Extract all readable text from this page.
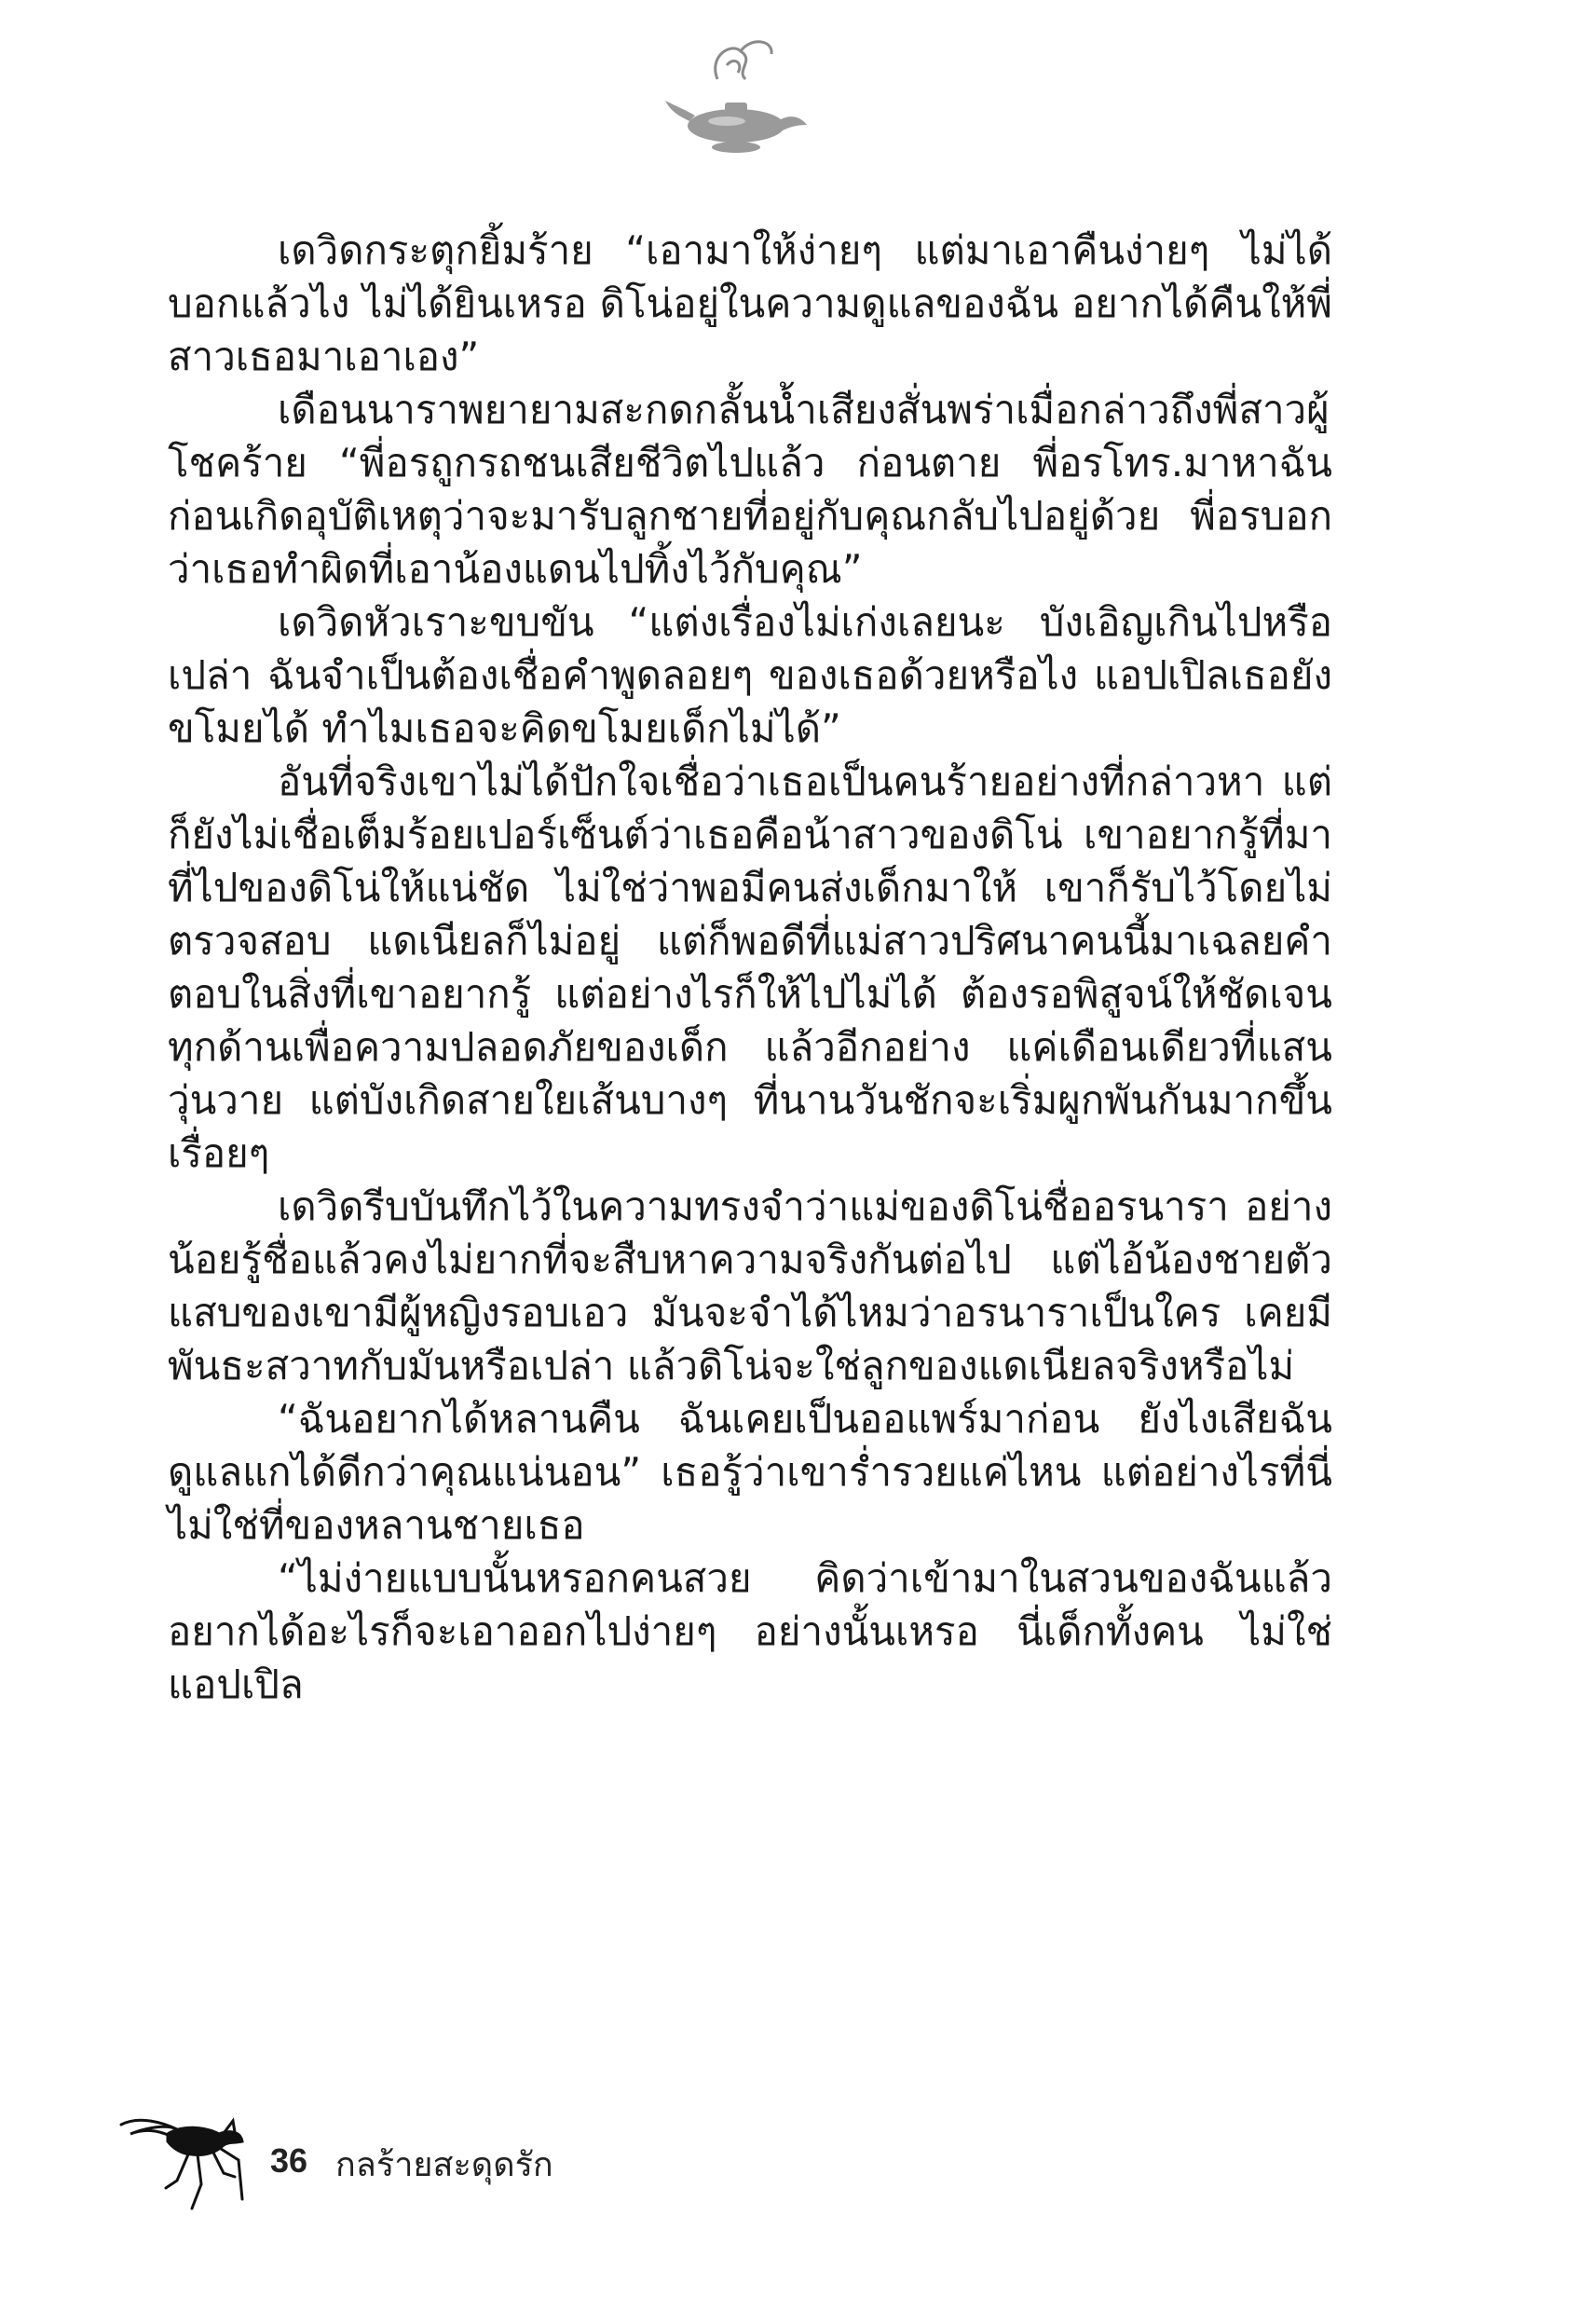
เดวิดกระตุกยิ้มร้าย “เอามาให้ง่ายๆ แต่มาเอาคืนง่ายๆ ไม่ได้ บอกแล้วไง ไม่ได้ยินเหรอ ดิโน่อยู่ในความดูแลของฉัน อยากได้คืนให้พี่สาวเธอมาเอาเอง”

เดือนนาราพยายามสะกดกลั้นน้ำเสียงสั่นพร่าเมื่อกล่าวถึงพี่สาวผู้โชคร้าย “พี่อรถูกรถชนเสียชีวิตไปแล้ว ก่อนตาย พี่อรโทร.มาหาฉันก่อนเกิดอุบัติเหตุว่าจะมารับลูกชายที่อยู่กับคุณกลับไปอยู่ด้วย พี่อรบอกว่าเธอทำผิดที่เอาน้องแดนไปทิ้งไว้กับคุณ”

เดวิดหัวเราะขบขัน “แต่งเรื่องไม่เก่งเลยนะ บังเอิญเกินไปหรือเปล่า ฉันจำเป็นต้องเชื่อคำพูดลอยๆ ของเธอด้วยหรือไง แอปเปิลเธอยังขโมยได้ ทำไมเธอจะคิดขโมยเด็กไม่ได้”

อันที่จริงเขาไม่ได้ปักใจเชื่อว่าเธอเป็นคนร้ายอย่างที่กล่าวหา แต่ก็ยังไม่เชื่อเต็มร้อยเปอร์เซ็นต์ว่าเธอคือน้าสาวของดิโน่ เขาอยากรู้ที่มาที่ไปของดิโน่ให้แน่ชัด ไม่ใช่ว่าพอมีคนส่งเด็กมาให้ เขาก็รับไว้โดยไม่ตรวจสอบ แดเนียลก็ไม่อยู่ แต่ก็พอดีที่แม่สาวปริศนาคนนี้มาเฉลยคำตอบในสิ่งที่เขาอยากรู้ แต่อย่างไรก็ให้ไปไม่ได้ ต้องรอพิสูจน์ให้ชัดเจนทุกด้านเพื่อความปลอดภัยของเด็ก แล้วอีกอย่าง แค่เดือนเดียวที่แสนวุ่นวาย แต่บังเกิดสายใยเส้นบางๆ ที่นานวันชักจะเริ่มผูกพันกันมากขึ้นเรื่อยๆ

เดวิดรีบบันทึกไว้ในความทรงจำว่าแม่ของดิโน่ชื่ออรนารา อย่างน้อยรู้ชื่อแล้วคงไม่ยากที่จะสืบหาความจริงกันต่อไป แต่ไอ้น้องชายตัวแสบของเขามีผู้หญิงรอบเอว มันจะจำได้ไหมว่าอรนาราเป็นใคร เคยมีพันธะสวาทกับมันหรือเปล่า แล้วดิโน่จะใช่ลูกของแดเนียลจริงหรือไม่

“ฉันอยากได้หลานคืน ฉันเคยเป็นออแพร์มาก่อน ยังไงเสียฉันดูแลแกได้ดีกว่าคุณแน่นอน” เธอรู้ว่าเขาร่ำรวยแค่ไหน แต่อย่างไรที่นี่ไม่ใช่ที่ของหลานชายเธอ

“ไม่ง่ายแบบนั้นหรอกคนสวย คิดว่าเข้ามาในสวนของฉันแล้วอยากได้อะไรก็จะเอาออกไปง่ายๆ อย่างนั้นเหรอ นี่เด็กทั้งคน ไม่ใช่แอปเปิล

36 กลร้ายสะดุดรัก
